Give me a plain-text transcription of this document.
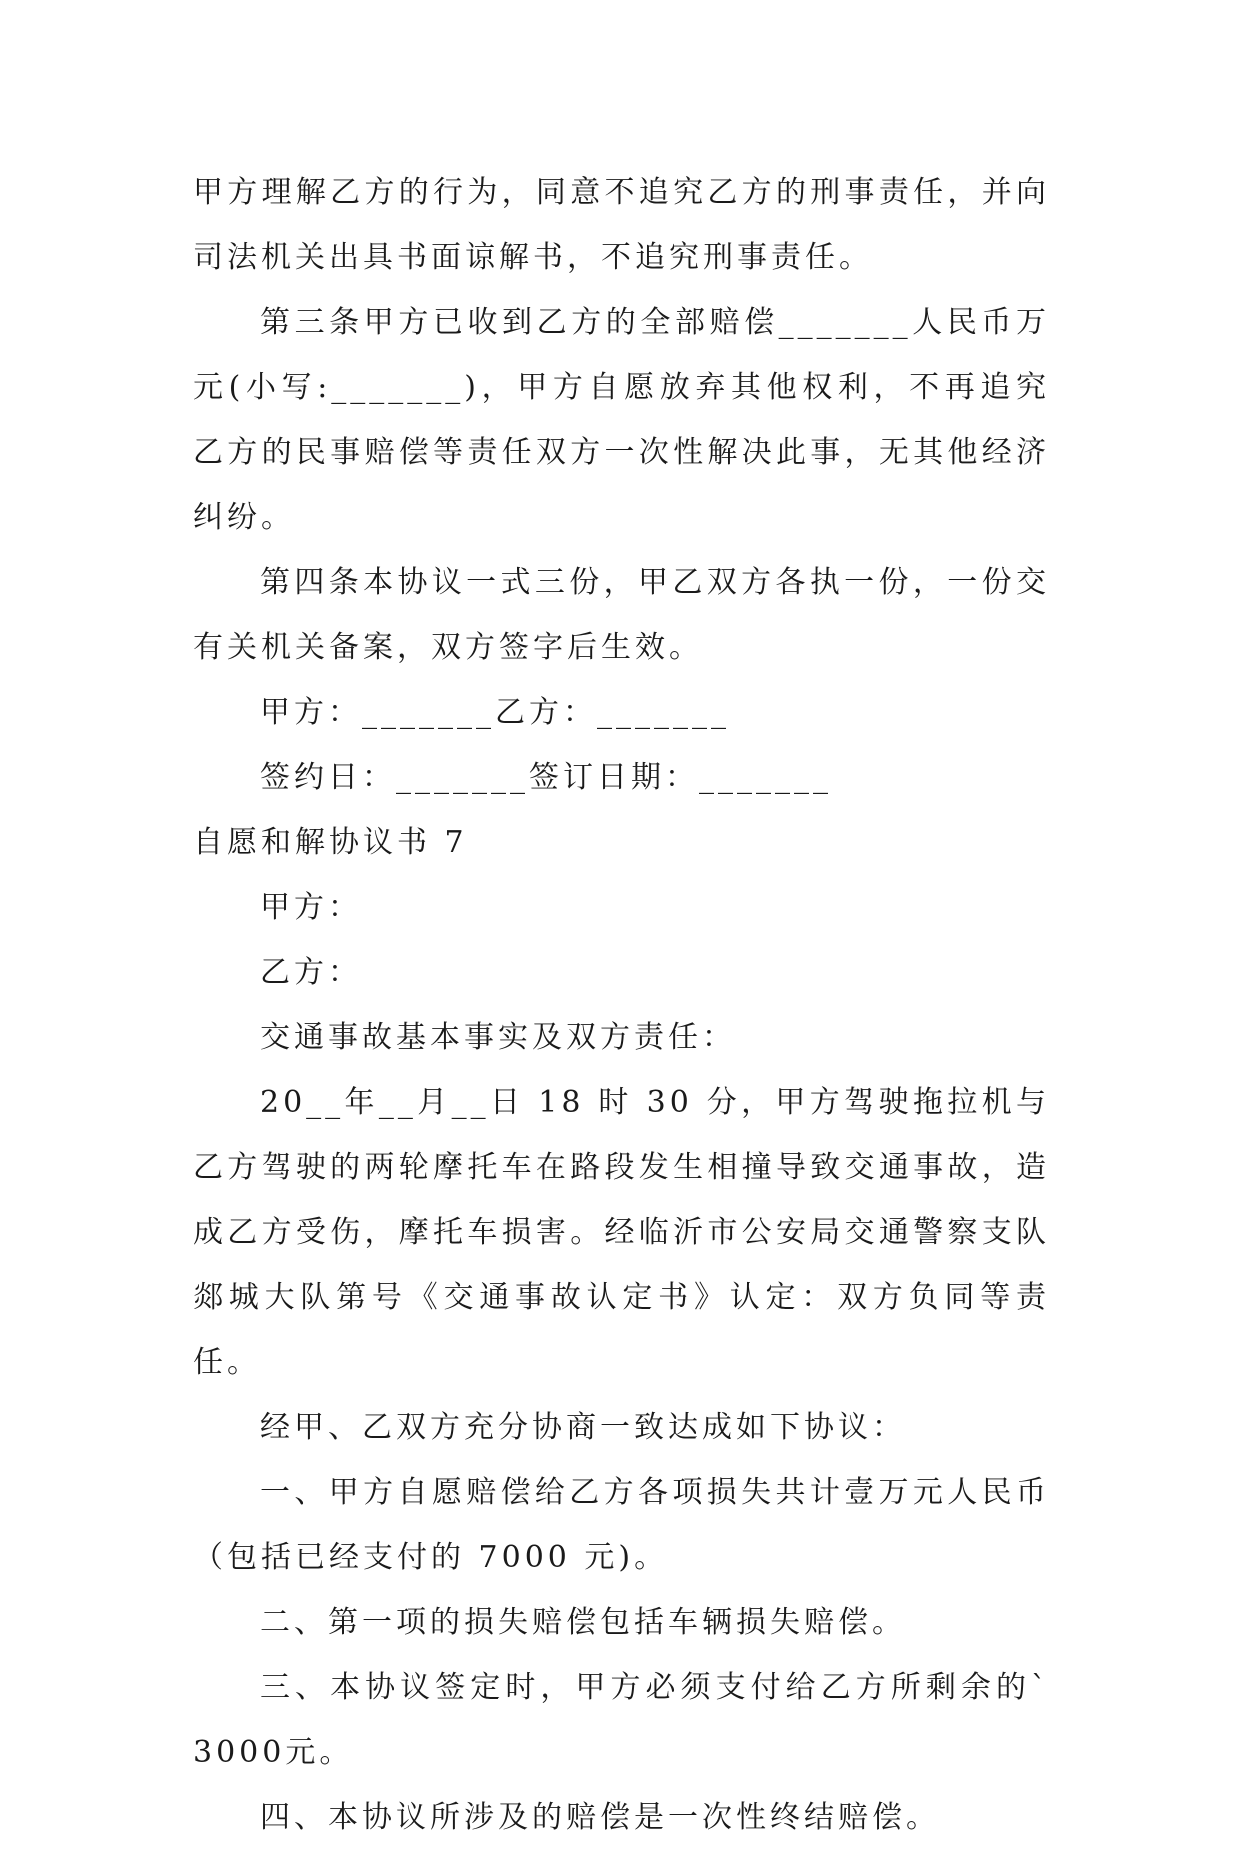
甲方理解乙方的行为，同意不追究乙方的刑事责任，并向司法机关出具书面谅解书，不追究刑事责任。

第三条甲方已收到乙方的全部赔偿_______人民币万元(小写:_______)，甲方自愿放弃其他权利，不再追究乙方的民事赔偿等责任双方一次性解决此事，无其他经济纠纷。

第四条本协议一式三份，甲乙双方各执一份，一份交有关机关备案，双方签字后生效。

甲方：_______乙方：_______

签约日：_______签订日期：_______

自愿和解协议书 7

甲方：

乙方：

交通事故基本事实及双方责任：

20__年__月__日 18 时 30 分，甲方驾驶拖拉机与乙方驾驶的两轮摩托车在路段发生相撞导致交通事故，造成乙方受伤，摩托车损害。经临沂市公安局交通警察支队郯城大队第号《交通事故认定书》认定：双方负同等责任。

经甲、乙双方充分协商一致达成如下协议：

一、甲方自愿赔偿给乙方各项损失共计壹万元人民币（包括已经支付的 7000 元)。

二、第一项的损失赔偿包括车辆损失赔偿。

三、本协议签定时，甲方必须支付给乙方所剩余的`3000元。

四、本协议所涉及的赔偿是一次性终结赔偿。
